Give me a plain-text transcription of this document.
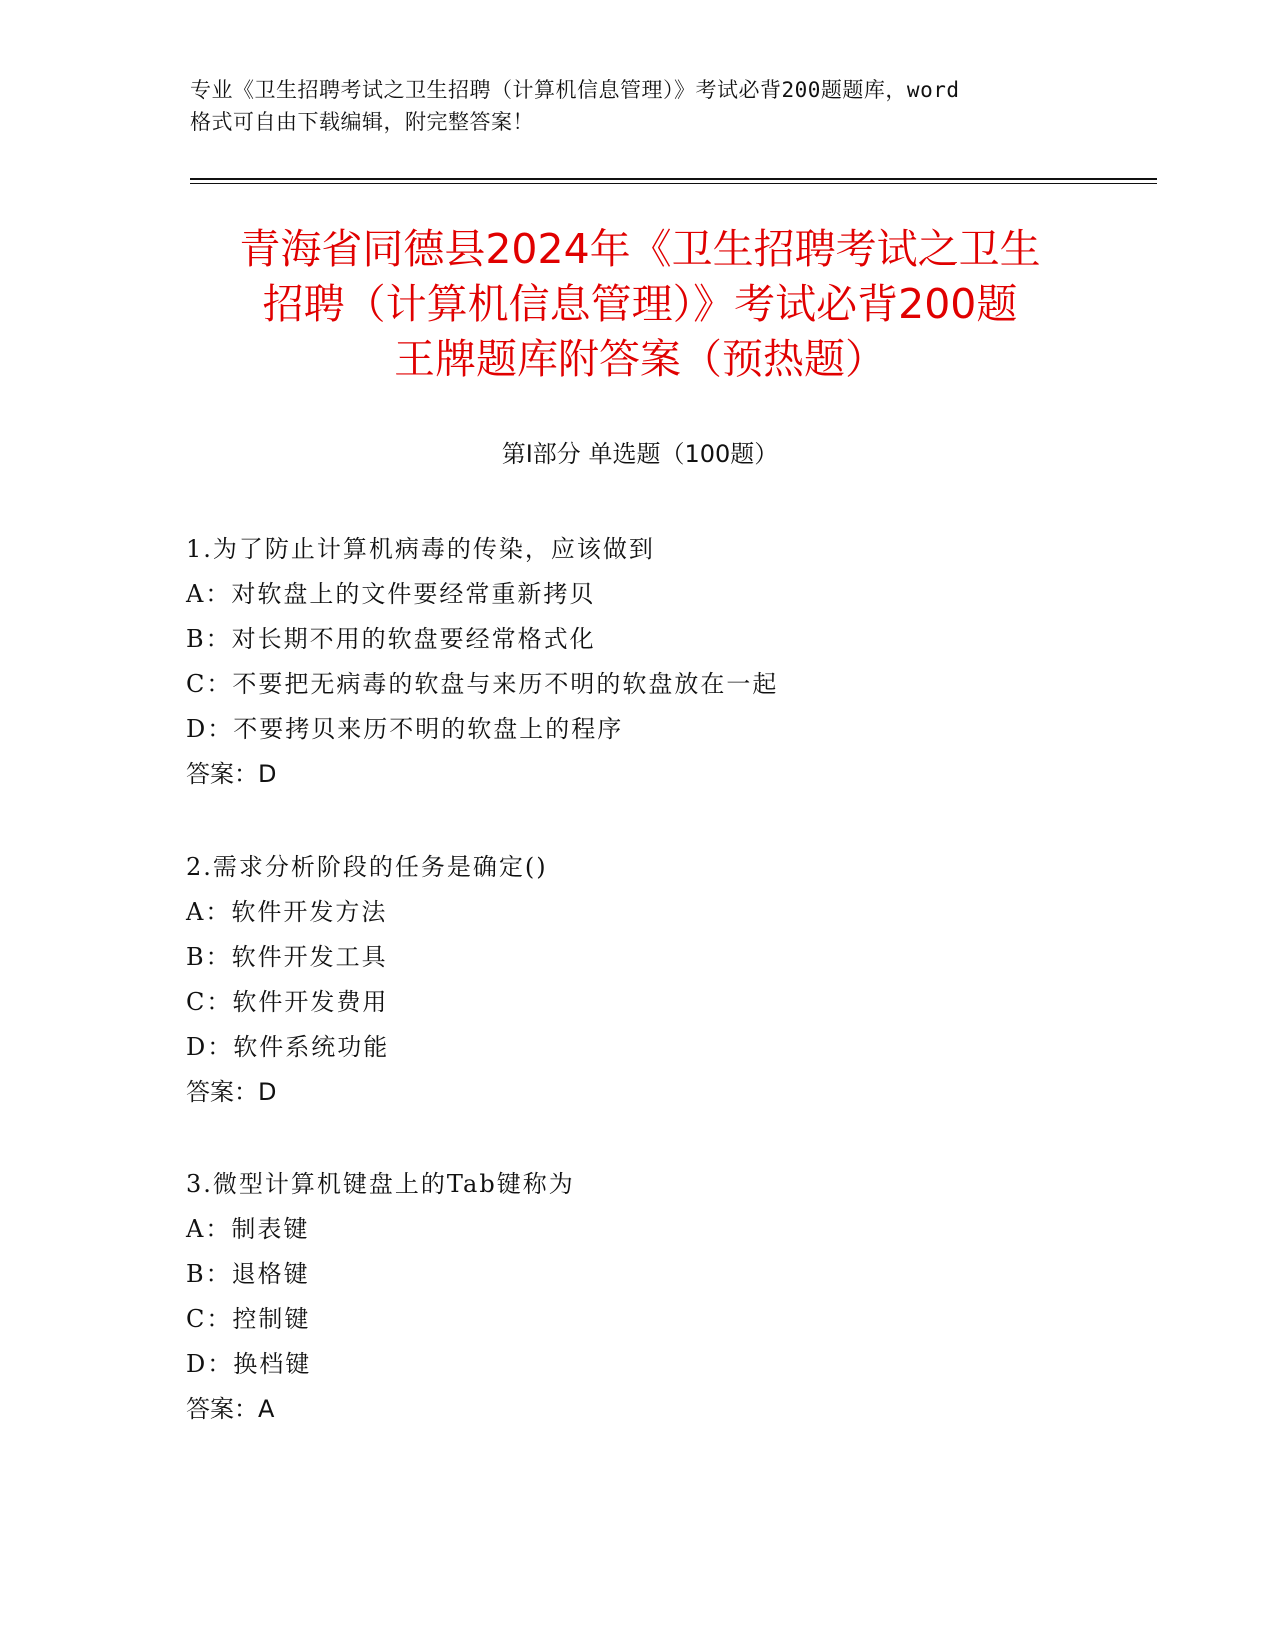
专业《卫生招聘考试之卫生招聘（计算机信息管理）》考试必背200题题库，word
格式可自由下载编辑，附完整答案！
青海省同德县2024年《卫生招聘考试之卫生
招聘（计算机信息管理）》考试必背200题
王牌题库附答案（预热题）
第Ⅰ部分 单选题（100题）
1.为了防止计算机病毒的传染，应该做到
A：对软盘上的文件要经常重新拷贝
B：对长期不用的软盘要经常格式化
C：不要把无病毒的软盘与来历不明的软盘放在一起
D：不要拷贝来历不明的软盘上的程序
答案：D
2.需求分析阶段的任务是确定()
A：软件开发方法
B：软件开发工具
C：软件开发费用
D：软件系统功能
答案：D
3.微型计算机键盘上的Tab键称为
A：制表键
B：退格键
C：控制键
D：换档键
答案：A
